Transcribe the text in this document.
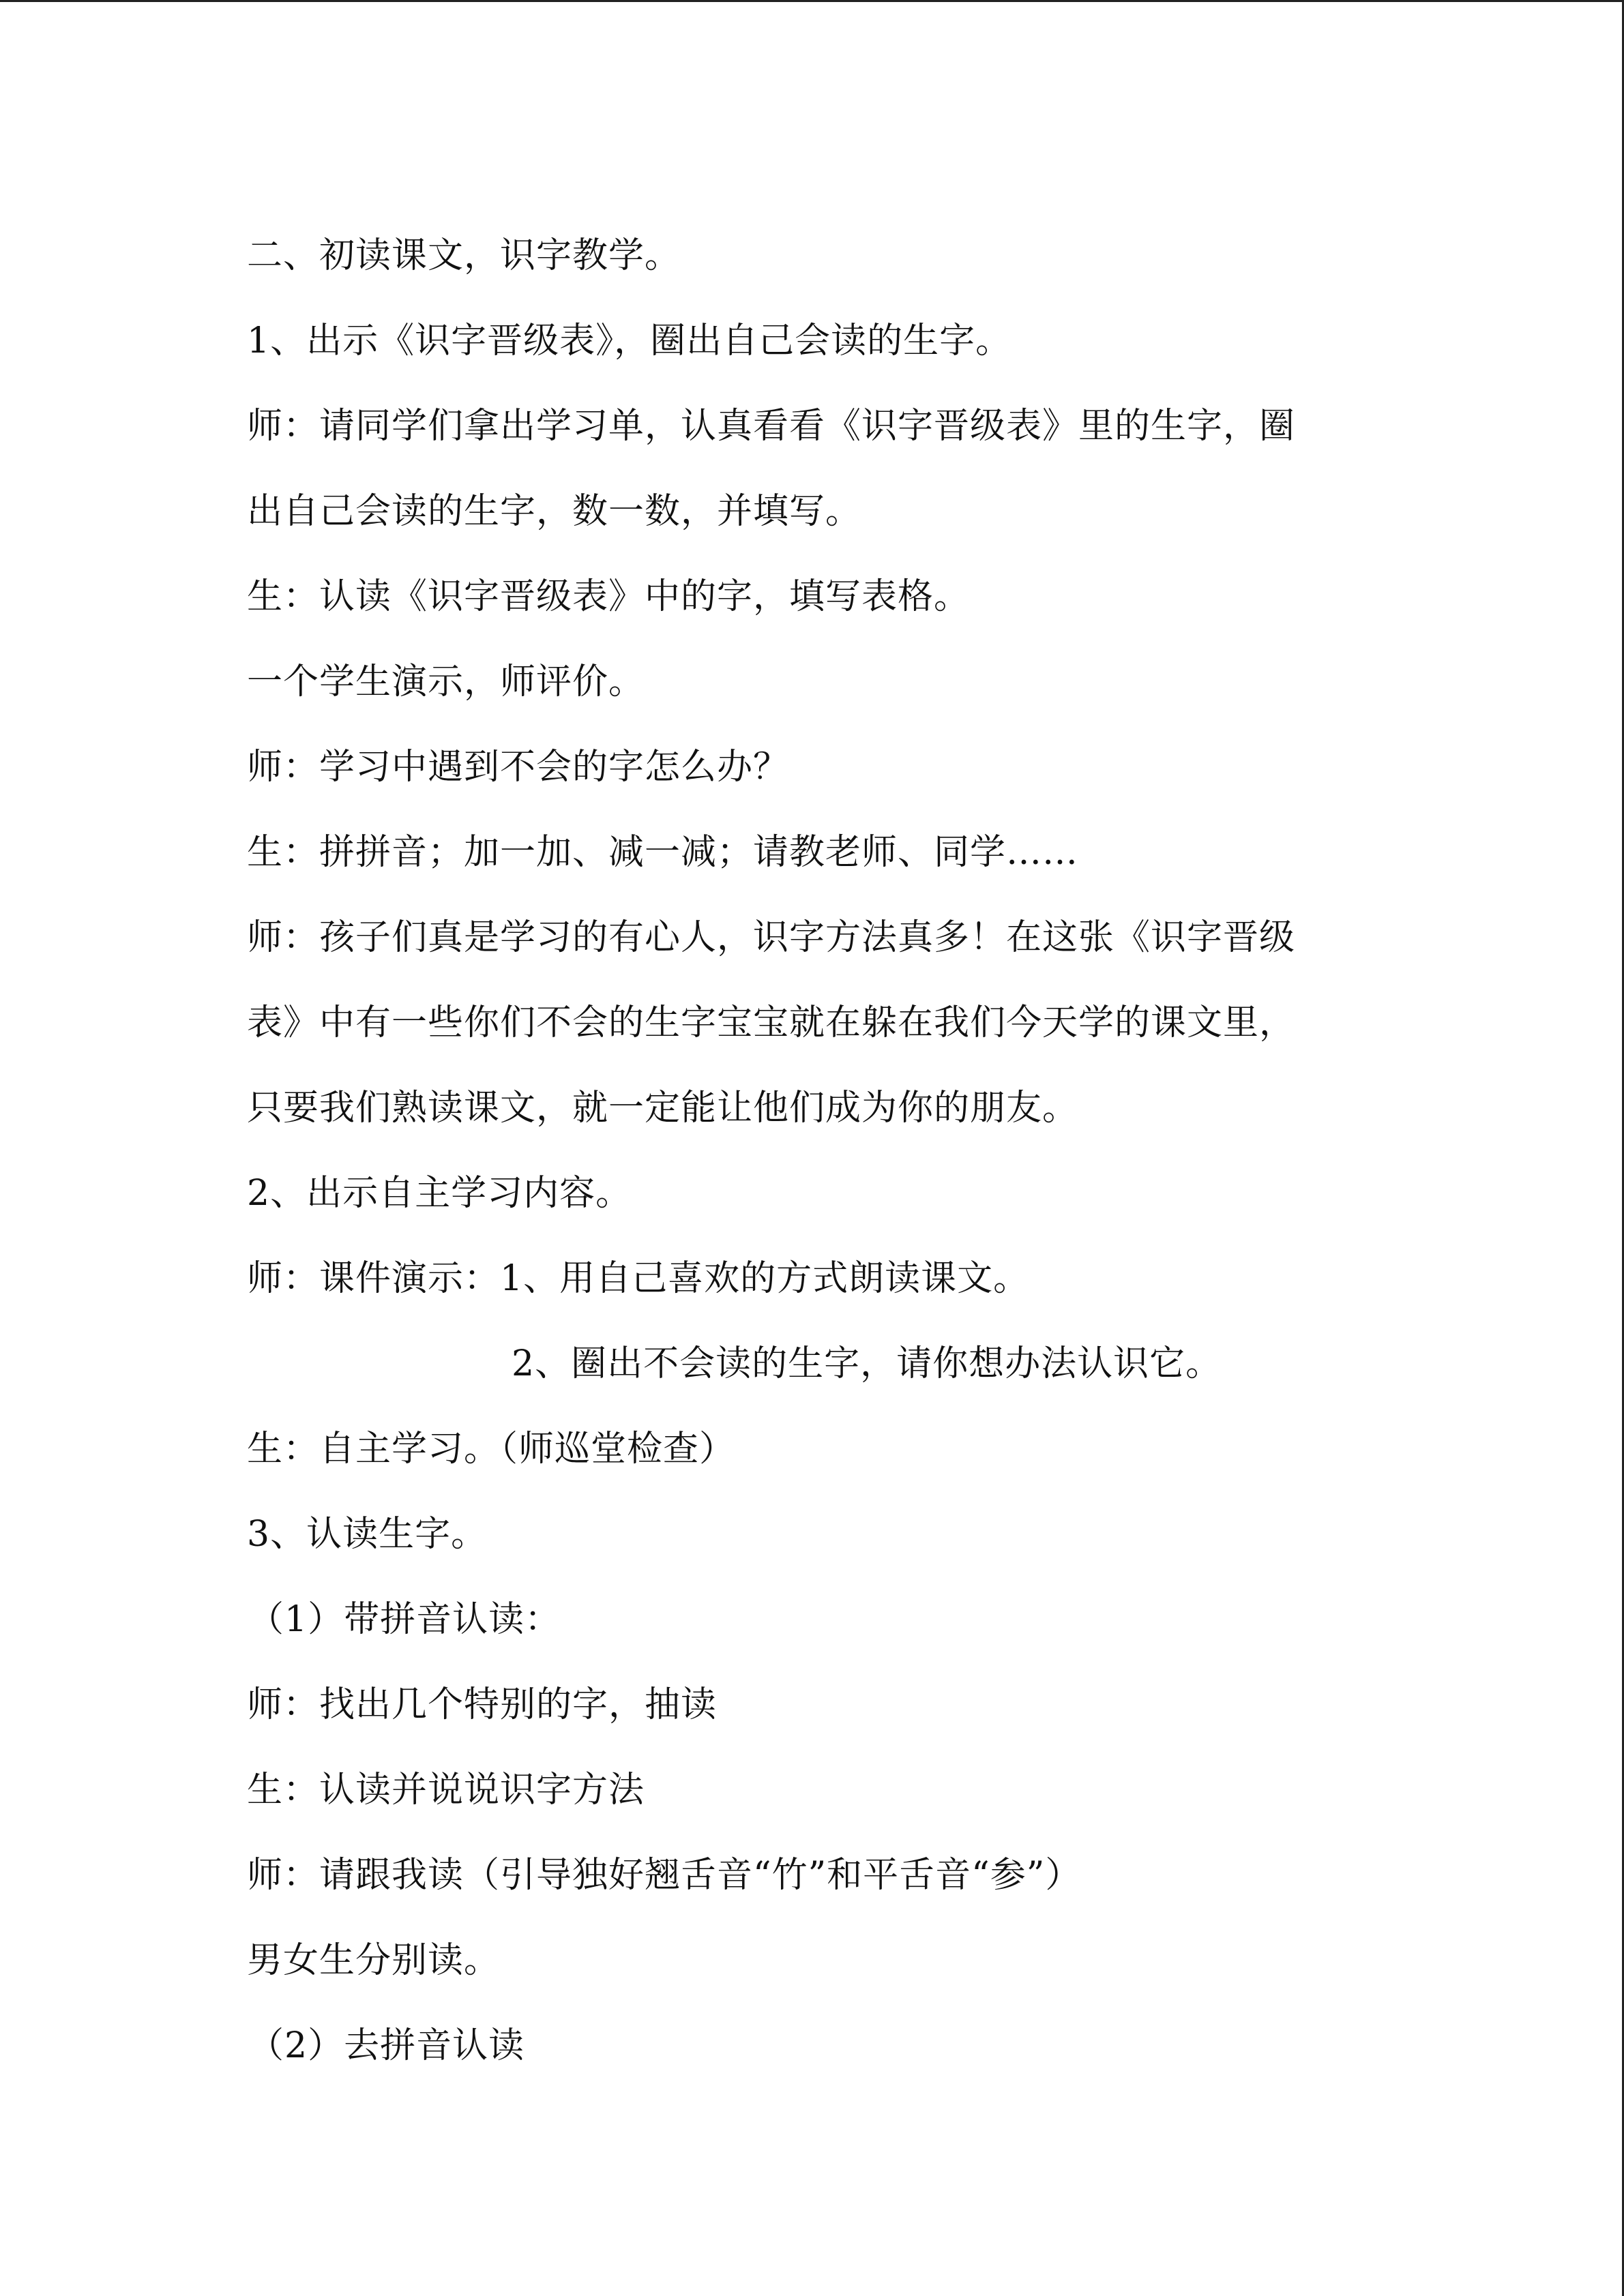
二、初读课文，识字教学。
1、出示《识字晋级表》，圈出自己会读的生字。
师：请同学们拿出学习单，认真看看《识字晋级表》里的生字，圈
出自己会读的生字，数一数，并填写。
生：认读《识字晋级表》中的字，填写表格。
一个学生演示，师评价。
师：学习中遇到不会的字怎么办？
生：拼拼音；加一加、减一减；请教老师、同学……
师：孩子们真是学习的有心人，识字方法真多！在这张《识字晋级
表》中有一些你们不会的生字宝宝就在躲在我们今天学的课文里，
只要我们熟读课文，就一定能让他们成为你的朋友。
2、出示自主学习内容。
师：课件演示：1、用自己喜欢的方式朗读课文。
2、圈出不会读的生字，请你想办法认识它。
生：自主学习。（师巡堂检查）
3、认读生字。
（1）带拼音认读：
师：找出几个特别的字，抽读
生：认读并说说识字方法
师：请跟我读（引导独好翘舌音“竹”和平舌音“参”）
男女生分别读。
（2）去拼音认读
